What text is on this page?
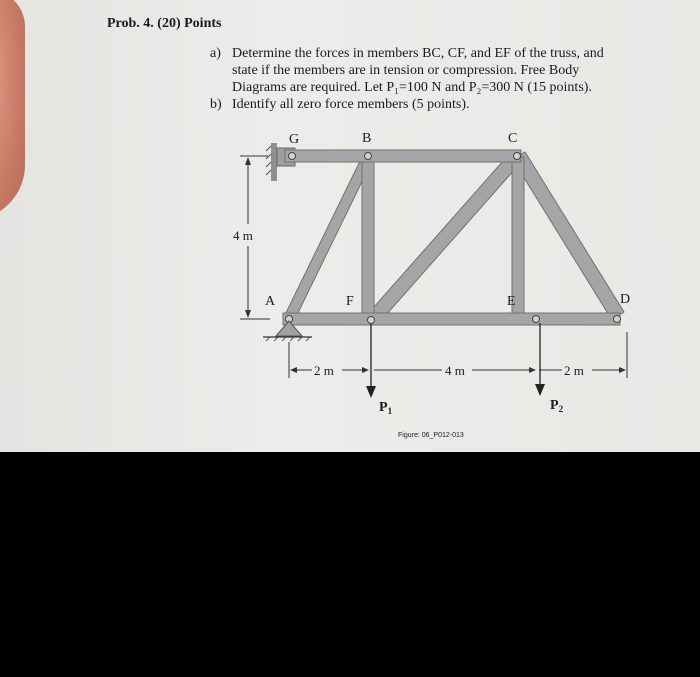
Prob. 4. (20) Points
a) Determine the forces in members BC, CF, and EF of the truss, and
state if the members are in tension or compression. Free Body
Diagrams are required. Let P₁=100 N and P₂=300 N (15 points).
b) Identify all zero force members (5 points).
G	B	C
A	F	E	D
4 m
2 m	4 m	2 m
$P_1$	$P_2$
Figure: 06_P012-013
